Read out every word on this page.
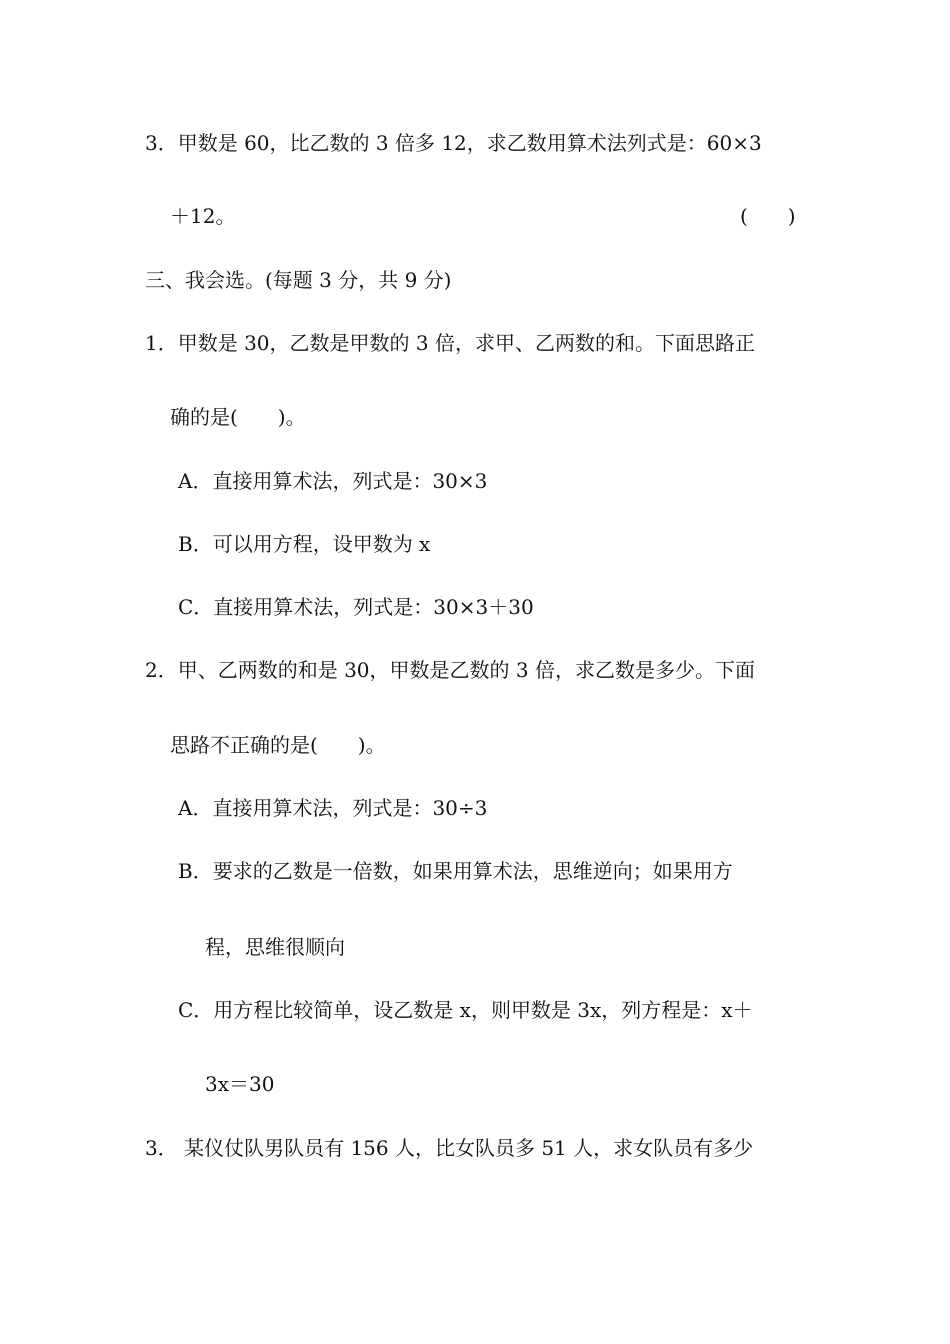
3．甲数是 60，比乙数的 3 倍多 12，求乙数用算术法列式是：60×3
＋12。	(　　)
三、我会选。(每题 3 分，共 9 分)
1．甲数是 30，乙数是甲数的 3 倍，求甲、乙两数的和。下面思路正
确的是(　　)。
A．直接用算术法，列式是：30×3
B．可以用方程，设甲数为 x
C．直接用算术法，列式是：30×3＋30
2．甲、乙两数的和是 30，甲数是乙数的 3 倍，求乙数是多少。下面
思路不正确的是(　　)。
A．直接用算术法，列式是：30÷3
B．要求的乙数是一倍数，如果用算术法，思维逆向；如果用方
程，思维很顺向
C．用方程比较简单，设乙数是 x，则甲数是 3x，列方程是：x＋
3x＝30
3． 某仪仗队男队员有 156 人，比女队员多 51 人，求女队员有多少
